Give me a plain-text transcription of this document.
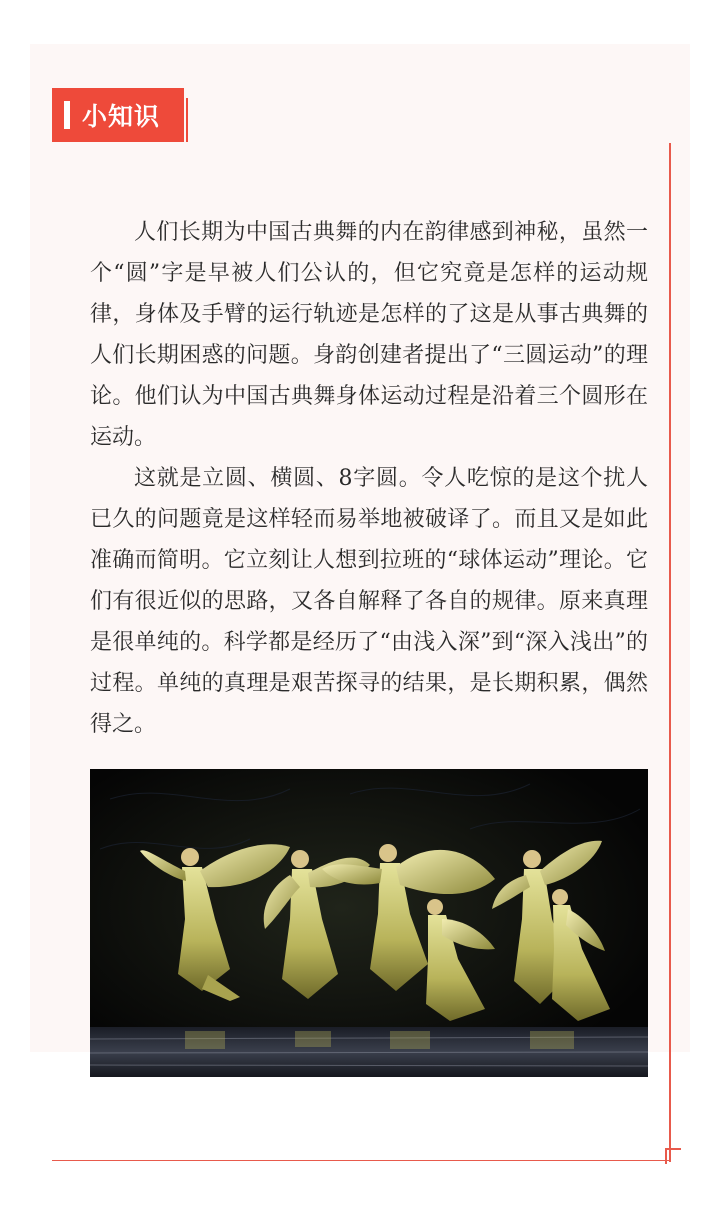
小知识

人们长期为中国古典舞的内在韵律感到神秘，虽然一个“圆”字是早被人们公认的，但它究竟是怎样的运动规律，身体及手臂的运行轨迹是怎样的了这是从事古典舞的人们长期困惑的问题。身韵创建者提出了“三圆运动”的理论。他们认为中国古典舞身体运动过程是沿着三个圆形在运动。

这就是立圆、横圆、8字圆。令人吃惊的是这个扰人已久的问题竟是这样轻而易举地被破译了。而且又是如此准确而简明。它立刻让人想到拉班的“球体运动”理论。它们有很近似的思路，又各自解释了各自的规律。原来真理是很单纯的。科学都是经历了“由浅入深”到“深入浅出”的过程。单纯的真理是艰苦探寻的结果，是长期积累，偶然得之。
